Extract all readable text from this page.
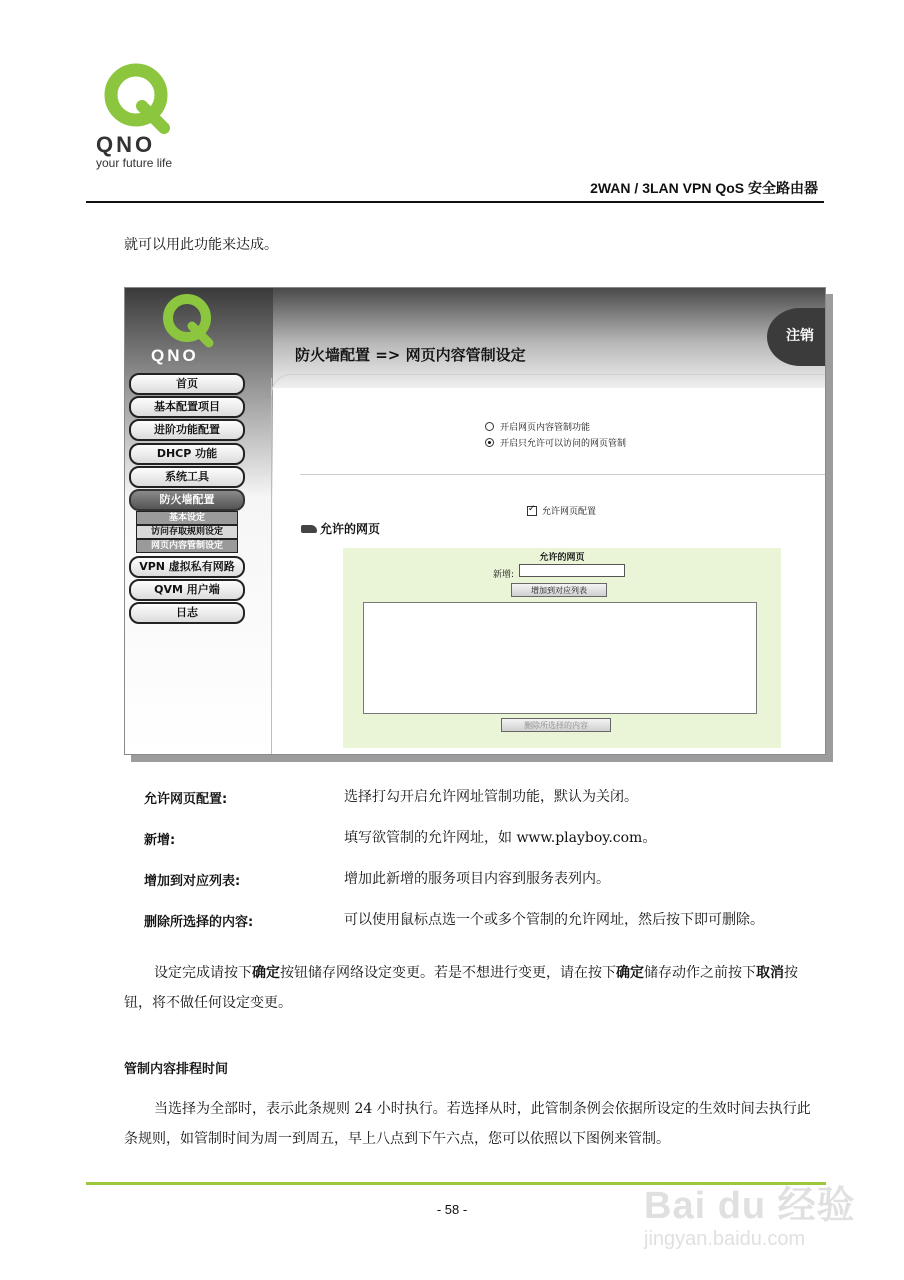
QNO
your future life
2WAN / 3LAN VPN QoS 安全路由器
就可以用此功能来达成。
QNO
注销
防火墙配置 => 网页内容管制设定
首页
基本配置项目
进阶功能配置
DHCP 功能
系统工具
防火墙配置
基本设定
访问存取规则设定
网页内容管制设定
VPN 虚拟私有网路
QVM 用户端
日志
开启网页内容管制功能
开启只允许可以访问的网页管制
✓
允许网页配置
允许的网页
允许的网页
新增:
增加到对应列表
删除所选择的内容
允许网页配置:	选择打勾开启允许网址管制功能，默认为关闭。
新增:	填写欲管制的允许网址，如 www.playboy.com。
增加到对应列表:	增加此新增的服务项目内容到服务表列内。
删除所选择的内容:	可以使用鼠标点选一个或多个管制的允许网址，然后按下即可删除。
设定完成请按下确定按钮储存网络设定变更。若是不想进行变更，请在按下确定储存动作之前按下取消按钮，将不做任何设定变更。
管制内容排程时间
当选择为全部时，表示此条规则 24 小时执行。若选择从时，此管制条例会依据所设定的生效时间去执行此条规则，如管制时间为周一到周五，早上八点到下午六点，您可以依照以下图例来管制。
- 58 -	Bai du 经验
jingyan.baidu.com
